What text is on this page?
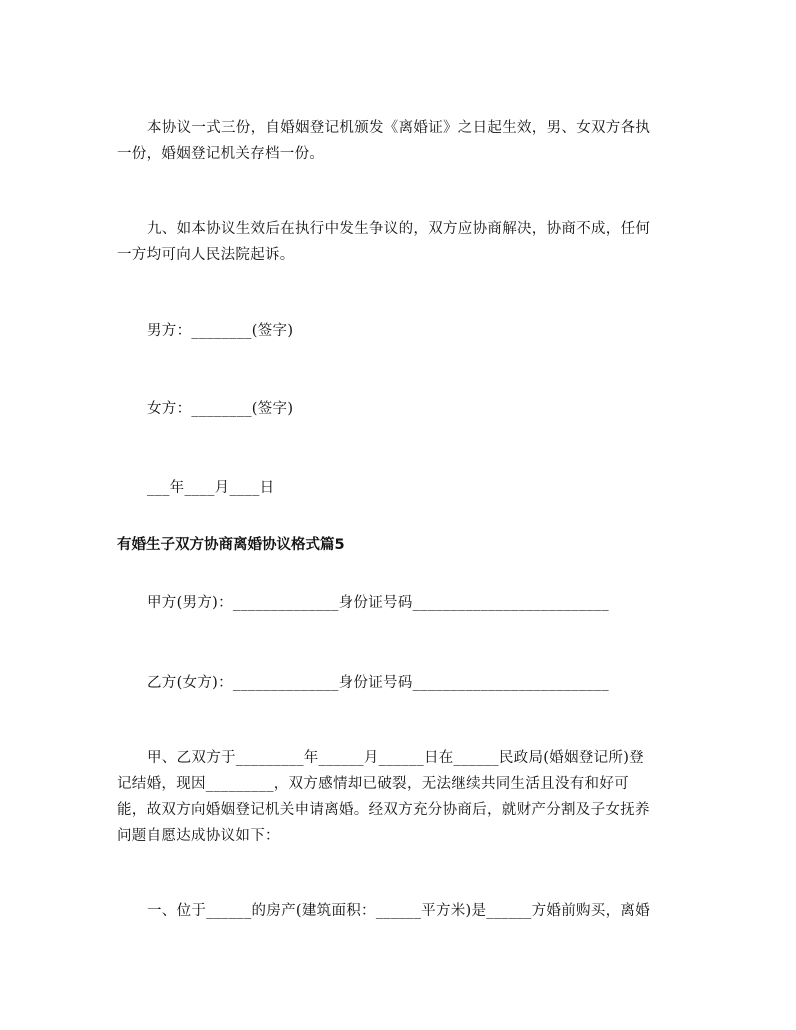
本协议一式三份，自婚姻登记机颁发《离婚证》之日起生效，男、女双方各执
一份，婚姻登记机关存档一份。
九、如本协议生效后在执行中发生争议的，双方应协商解决，协商不成，任何
一方均可向人民法院起诉。
男方：________(签字)
女方：________(签字)
___年____月____日
有婚生子双方协商离婚协议格式篇5
甲方(男方)：______________身份证号码__________________________
乙方(女方)：______________身份证号码__________________________
甲、乙双方于_________年______月______日在______民政局(婚姻登记所)登
记结婚，现因_________，双方感情却已破裂，无法继续共同生活且没有和好可
能，故双方向婚姻登记机关申请离婚。经双方充分协商后，就财产分割及子女抚养
问题自愿达成协议如下：
一、位于______的房产(建筑面积：______平方米)是______方婚前购买，离婚
